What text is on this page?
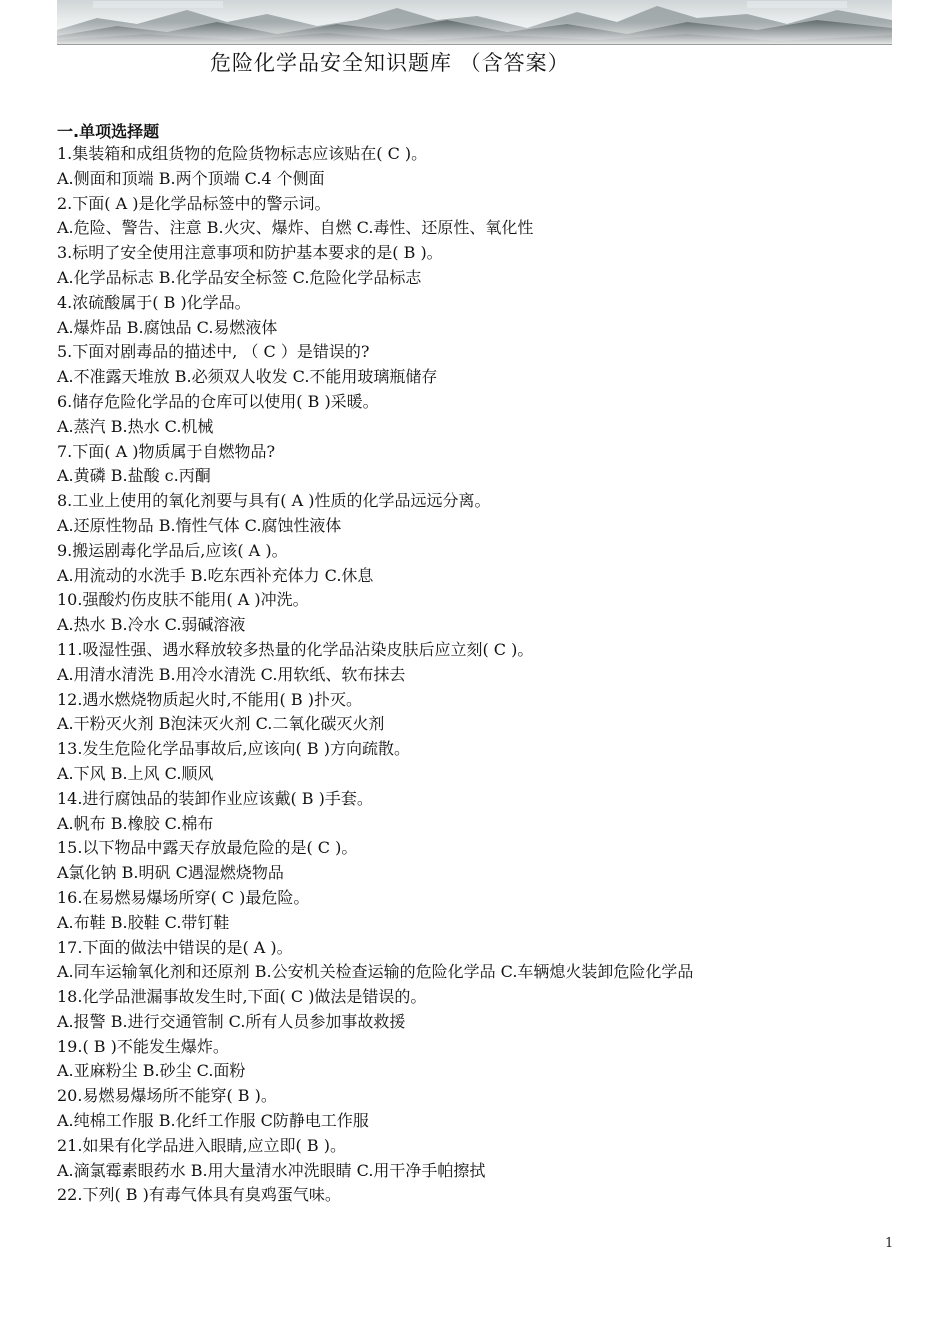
危险化学品安全知识题库 （含答案）
一.单项选择题
1.集装箱和成组货物的危险货物标志应该贴在( C )。
A.侧面和顶端 B.两个顶端 C.4 个侧面
2.下面( A )是化学品标签中的警示词。
A.危险、警告、注意 B.火灾、爆炸、自燃 C.毒性、还原性、氧化性
3.标明了安全使用注意事项和防护基本要求的是( B )。
A.化学品标志 B.化学品安全标签 C.危险化学品标志
4.浓硫酸属于( B )化学品。
A.爆炸品 B.腐蚀品 C.易燃液体
5.下面对剧毒品的描述中, （ C ）是错误的?
A.不准露天堆放 B.必须双人收发 C.不能用玻璃瓶储存
6.储存危险化学品的仓库可以使用( B )采暖。
A.蒸汽 B.热水 C.机械
7.下面( A )物质属于自燃物品?
A.黄磷 B.盐酸 c.丙酮
8.工业上使用的氧化剂要与具有( A )性质的化学品远远分离。
A.还原性物品 B.惰性气体 C.腐蚀性液体
9.搬运剧毒化学品后,应该( A )。
A.用流动的水洗手 B.吃东西补充体力 C.休息
10.强酸灼伤皮肤不能用( A )冲洗。
A.热水 B.冷水 C.弱碱溶液
11.吸湿性强、遇水释放较多热量的化学品沾染皮肤后应立刻( C )。
A.用清水清洗 B.用冷水清洗 C.用软纸、软布抹去
12.遇水燃烧物质起火时,不能用( B )扑灭。
A.干粉灭火剂 B泡沫灭火剂 C.二氧化碳灭火剂
13.发生危险化学品事故后,应该向( B )方向疏散。
A.下风 B.上风 C.顺风
14.进行腐蚀品的装卸作业应该戴( B )手套。
A.帆布 B.橡胶 C.棉布
15.以下物品中露天存放最危险的是( C )。
A氯化钠 B.明矾 C遇湿燃烧物品
16.在易燃易爆场所穿( C )最危险。
A.布鞋 B.胶鞋 C.带钉鞋
17.下面的做法中错误的是( A )。
A.同车运输氧化剂和还原剂 B.公安机关检查运输的危险化学品 C.车辆熄火装卸危险化学品
18.化学品泄漏事故发生时,下面( C )做法是错误的。
A.报警 B.进行交通管制 C.所有人员参加事故救援
19.( B )不能发生爆炸。
A.亚麻粉尘 B.砂尘 C.面粉
20.易燃易爆场所不能穿( B )。
A.纯棉工作服 B.化纤工作服 C防静电工作服
21.如果有化学品进入眼睛,应立即( B )。
A.滴氯霉素眼药水 B.用大量清水冲洗眼睛 C.用干净手帕擦拭
22.下列( B )有毒气体具有臭鸡蛋气味。
1
